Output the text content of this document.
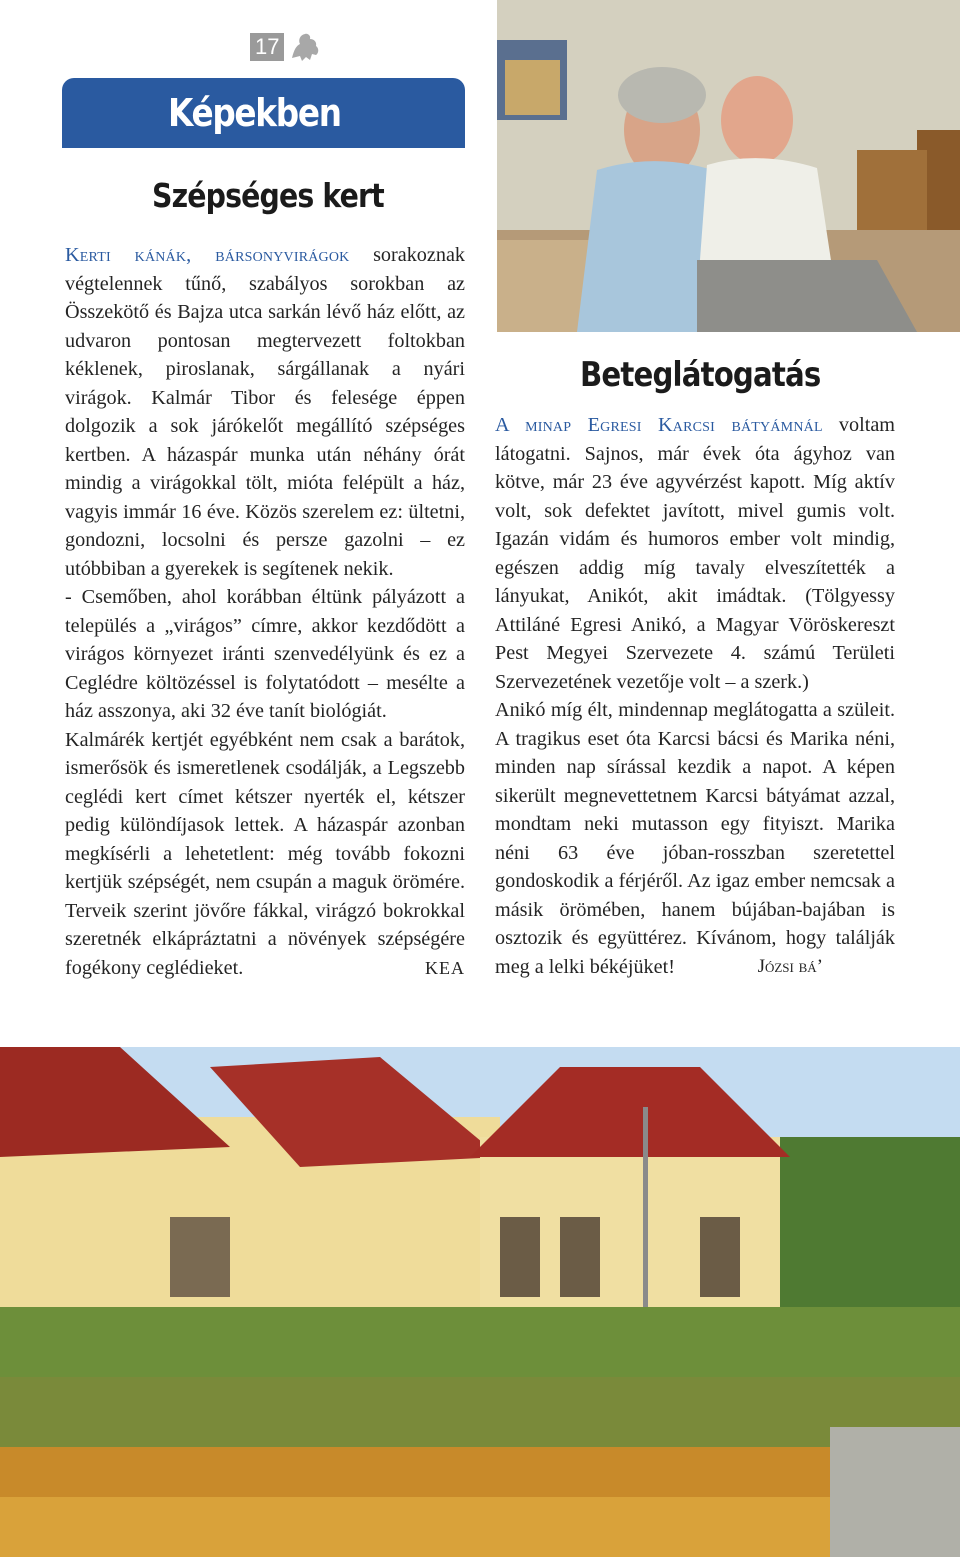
17
Képekben
Szépséges kert

Kerti kánák, bársonyvirágok sorakoznak végtelennek tűnő, szabályos sorokban az Összekötő és Bajza utca sarkán lévő ház előtt, az udvaron pontosan megtervezett foltokban kéklenek, piroslanak, sárgállanak a nyári virágok. Kalmár Tibor és felesége éppen dolgozik a sok járókelőt megállító szépséges kertben. A házaspár munka után néhány órát mindig a virágokkal tölt, mióta felépült a ház, vagyis immár 16 éve. Közös szerelem ez: ültetni, gondozni, locsolni és persze gazolni – ez utóbbiban a gyerekek is segítenek nekik.

- Csemőben, ahol korábban éltünk pályázott a település a „virágos” címre, akkor kezdődött a virágos környezet iránti szenvedélyünk és ez a Ceglédre költözéssel is folytatódott – mesélte a ház asszonya, aki 32 éve tanít biológiát.

Kalmárék kertjét egyébként nem csak a barátok, ismerősök és ismeretlenek csodálják, a Legszebb ceglédi kert címet kétszer nyerték el, kétszer pedig különdíjasok lettek. A házaspár azonban megkísérli a lehetetlent: még tovább fokozni kertjük szépségét, nem csupán a maguk örömére. Terveik szerint jövőre fákkal, virágzó bokrokkal szeretnék elkápráztatni a növények szépségére fogékony ceglédieket.	KEA

Beteglátogatás

A minap Egresi Karcsi bátyámnál voltam látogatni. Sajnos, már évek óta ágyhoz van kötve, már 23 éve agyvérzést kapott. Míg aktív volt, sok defektet javított, mivel gumis volt. Igazán vidám és humoros ember volt mindig, egészen addig míg tavaly elveszítették a lányukat, Anikót, akit imádtak. (Tölgyessy Attiláné Egresi Anikó, a Magyar Vöröskereszt Pest Megyei Szervezete 4. számú Területi Szervezetének vezetője volt – a szerk.)

Anikó míg élt, mindennap meglátogatta a szüleit. A tragikus eset óta Karcsi bácsi és Marika néni, minden nap sírással kezdik a napot. A képen sikerült megnevettetnem Karcsi bátyámat azzal, mondtam neki mutasson egy fityiszt. Marika néni 63 éve jóban-rosszban szeretettel gondoskodik a férjéről. Az igaz ember nemcsak a másik örömében, hanem bújában-bajában is osztozik és együttérez. Kívánom, hogy találják meg a lelki békéjüket!	Józsi bá’
